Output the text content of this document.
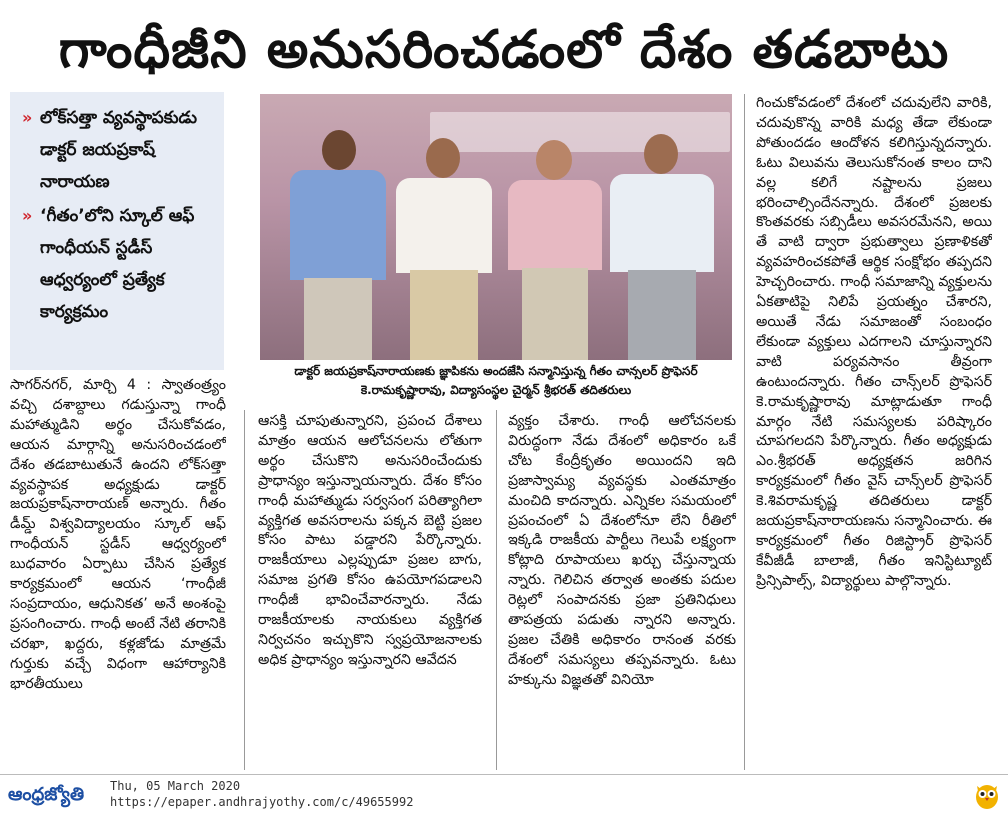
గాంధీజీని అనుసరించడంలో దేశం తడబాటు
» లోక్‌సత్తా వ్యవస్థాపకుడు డాక్టర్ జయప్రకాష్ నారాయణ
» ‘గీతం’లోని స్కూల్ ఆఫ్ గాంధీయన్ స్టడీస్ ఆధ్వర్యంలో ప్రత్యేక కార్యక్రమం
డాక్టర్ జయప్రకాష్‌నారాయణకు జ్ఞాపికను అందజేసి సన్మానిస్తున్న గీతం చాన్సలర్ ప్రొఫెసర్ కె.రామకృష్ణారావు, విద్యాసంస్థల చైర్మన్ శ్రీభరత్ తదితరులు

సాగర్‌నగర్, మార్చి 4 : స్వాతంత్ర్యం వచ్చి దశాబ్దాలు గడుస్తున్నా గాంధీ మహాత్ముడిని అర్థం చేసుకోవడం, ఆయన మార్గాన్ని అనుసరించడంలో దేశం తడబాటుతునే ఉందని లోక్‌సత్తా వ్యవస్థాపక అధ్యక్షుడు డాక్టర్ జయప్రకాష్‌నారాయణ్ అన్నారు. గీతం డీమ్డ్ విశ్వవిద్యాలయం స్కూల్ ఆఫ్ గాంధీయన్ స్టడీస్ ఆధ్వర్యంలో బుధవారం ఏర్పాటు చేసిన ప్రత్యేక కార్యక్రమంలో ఆయన ‘గాంధీజీ సంప్రదాయం, ఆధునికత’ అనే అంశంపై ప్రసంగించారు. గాంధీ అంటే నేటి తరానికి చరఖా, ఖద్దరు, కళ్లజోడు మాత్రమే గుర్తుకు వచ్చే విధంగా ఆహార్యానికి భారతీయులు

ఆసక్తి చూపుతున్నారని, ప్రపంచ దేశాలు మాత్రం ఆయన ఆలోచనలను లోతుగా అర్థం చేసుకొని అనుసరించేందుకు ప్రాధాన్యం ఇస్తున్నాయన్నారు. దేశం కోసం గాంధీ మహాత్ముడు సర్వసంగ పరిత్యాగిలా వ్యక్తిగత అవసరాలను పక్కన బెట్టి ప్రజల కోసం పాటు పడ్డారని పేర్కొన్నారు. రాజకీయాలు ఎల్లప్పుడూ ప్రజల బాగు, సమాజ ప్రగతి కోసం ఉపయోగపడాలని గాంధీజీ భావించేవారన్నారు. నేడు రాజకీయాలకు నాయకులు వ్యక్తిగత నిర్వచనం ఇచ్చుకొని స్వప్రయోజనాలకు అధిక ప్రాధాన్యం ఇస్తున్నారని ఆవేదన

వ్యక్తం చేశారు. గాంధీ ఆలోచనలకు విరుద్ధంగా నేడు దేశంలో అధికారం ఒకే చోట కేంద్రీకృతం అయిందని ఇది ప్రజాస్వామ్య వ్యవస్థకు ఎంతమాత్రం మంచిది కాదన్నారు. ఎన్నికల సమయంలో ప్రపంచంలో ఏ దేశంలోనూ లేని రీతిలో ఇక్కడి రాజకీయ పార్టీలు గెలుపే లక్ష్యంగా కోట్లాది రూపాయలు ఖర్చు చేస్తున్నాయ న్నారు. గెలిచిన తర్వాత అంతకు పదుల రెట్లలో సంపాదనకు ప్రజా ప్రతినిధులు తాపత్రయ పడుతు న్నారని అన్నారు. ప్రజల చేతికి అధికారం రానంత వరకు దేశంలో సమస్యలు తప్పవన్నారు. ఓటు హక్కును విజ్ఞతతో వినియో

గించుకోవడంలో దేశంలో చదువులేని వారికి, చదువుకొన్న వారికి మధ్య తేడా లేకుండా పోతుందడం ఆందోళన కలిగిస్తున్నదన్నారు. ఓటు విలువను తెలుసుకోనంత కాలం దాని వల్ల కలిగే నష్టాలను ప్రజలు భరించాల్సిందేనన్నారు. దేశంలో ప్రజలకు కొంతవరకు సబ్సిడీలు అవసరమేనని, అయి తే వాటి ద్వారా ప్రభుత్వాలు ప్రణాళికతో వ్యవహరించకపోతే ఆర్థిక సంక్షోభం తప్పదని హెచ్చరించారు. గాంధీ సమాజాన్ని వ్యక్తులను ఏకతాటిపై నిలిపే ప్రయత్నం చేశారని, అయితే నేడు సమాజంతో సంబంధం లేకుండా వ్యక్తులు ఎదగాలని చూస్తున్నారని వాటి పర్యవసానం తీవ్రంగా ఉంటుందన్నారు. గీతం చాన్స్‌లర్ ప్రొఫెసర్ కె.రామకృష్ణారావు మాట్లాడుతూ గాంధీ మార్గం నేటి సమస్యలకు పరిష్కారం చూపగలదని పేర్కొన్నారు. గీతం అధ్యక్షుడు ఎం.శ్రీభరత్ అధ్యక్షతన జరిగిన కార్యక్రమంలో గీతం వైస్ చాన్స్‌లర్ ప్రొఫెసర్ కె.శివరామకృష్ణ తదితరులు డాక్టర్ జయప్రకాష్‌నారాయణను సన్మానించారు. ఈ కార్యక్రమంలో గీతం రిజిస్ట్రార్ ప్రొఫెసర్ కేవీజీడీ బాలాజీ, గీతం ఇనిస్టిట్యూట్ ప్రిన్సిపాల్స్, విద్యార్థులు పాల్గొన్నారు.

ఆంధ్రజ్యోతి Thu, 05 March 2020
https://epaper.andhrajyothy.com/c/49655992
